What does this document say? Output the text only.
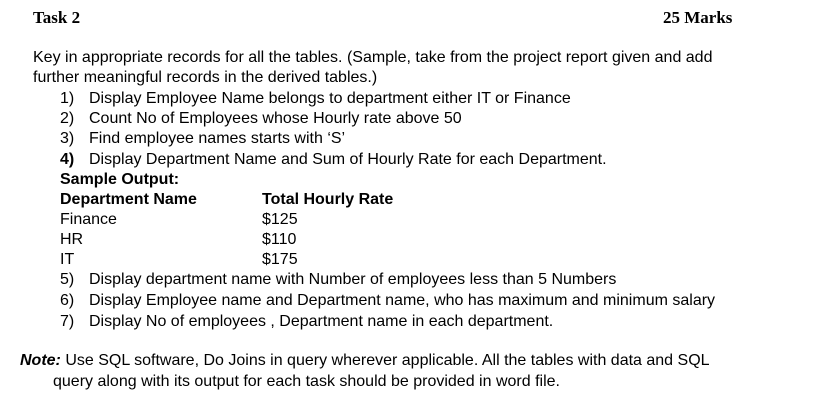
Task 2	25 Marks
Key in appropriate records for all the tables. (Sample, take from the project report given and add
further meaningful records in the derived tables.)
1) Display Employee Name belongs to department either IT or Finance
2) Count No of Employees whose Hourly rate above 50
3) Find employee names starts with ‘S’
4) Display Department Name and Sum of Hourly Rate for each Department.
Sample Output:
Department Name	Total Hourly Rate
Finance	$125
HR	$110
IT	$175
5) Display department name with Number of employees less than 5 Numbers
6) Display Employee name and Department name, who has maximum and minimum salary
7) Display No of employees , Department name in each department.
Note: Use SQL software, Do Joins in query wherever applicable. All the tables with data and SQL
query along with its output for each task should be provided in word file.
